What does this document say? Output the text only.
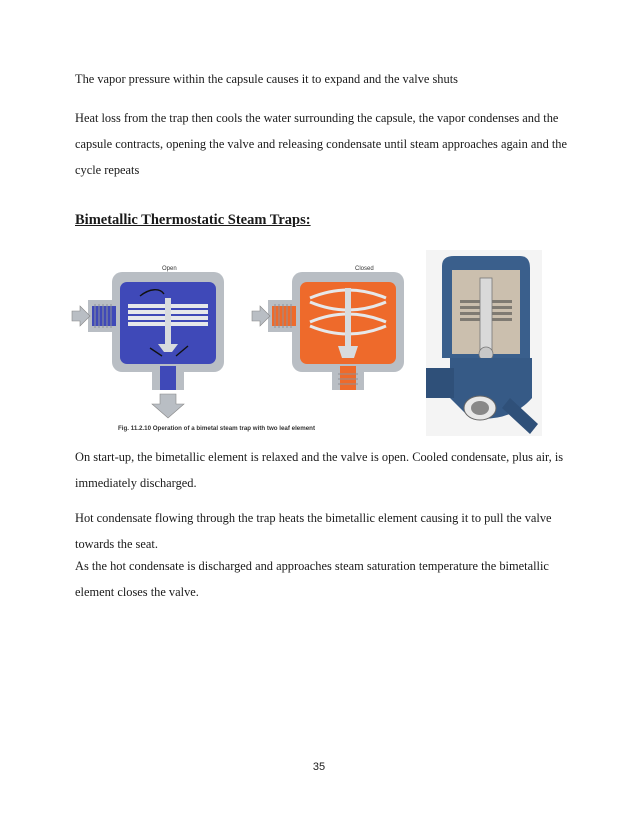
The vapor pressure within the capsule causes it to expand and the valve shuts

Heat loss from the trap then cools the water surrounding the capsule, the vapor condenses and the capsule contracts, opening the valve and releasing condensate until steam approaches again and the cycle repeats

Bimetallic Thermostatic Steam Traps:
Open	Closed
Fig. 11.2.10 Operation of a bimetal steam trap with two leaf element

On start-up, the bimetallic element is relaxed and the valve is open. Cooled condensate, plus air, is immediately discharged.

Hot condensate flowing through the trap heats the bimetallic element causing it to pull the valve towards the seat.

As the hot condensate is discharged and approaches steam saturation temperature the bimetallic element closes the valve.

35
